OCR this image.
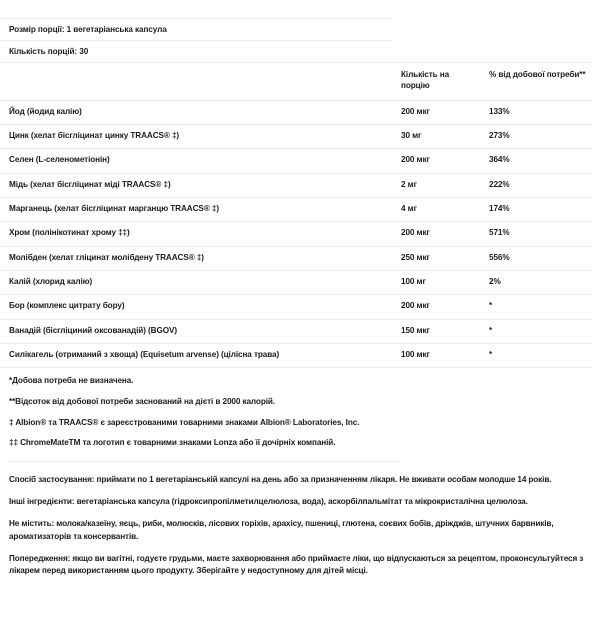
Розмір порції: 1 вегетаріанська капсула
Кількість порцій: 30
	Кількість на порцію	% від добової потреби**
Йод (йодид калію)	200 мкг	133%
Цинк (хелат бісгліцинат цинку TRAACS® ‡)	30 мг	273%
Селен (L-селенометіонін)	200 мкг	364%
Мідь (хелат бісгліцинат міді TRAACS® ‡)	2 мг	222%
Марганець (хелат бісгліцинат марганцю TRAACS® ‡)	4 мг	174%
Хром (полінікотинат хрому ‡‡)	200 мкг	571%
Молібден (хелат гліцинат молібдену TRAACS® ‡)	250 мкг	556%
Калій (хлорид калію)	100 мг	2%
Бор (комплекс цитрату бору)	200 мкг	*
Ванадій (бісгліциний оксованадій) (BGOV)	150 мкг	*
Силікагель (отриманий з хвоща) (Equisetum arvense) (цілісна трава)	100 мкг	*
*Добова потреба не визначена.
**Відсоток від добової потреби заснований на дієті в 2000 калорій.
‡ Albion® та TRAACS® є зареєстрованими товарними знаками Albion® Laboratories, Inc.
‡‡ ChromeMateTM та логотип є товарними знаками Lonza або її дочірніх компаній.

Спосіб застосування: приймати по 1 вегетаріанській капсулі на день або за призначенням лікаря. Не вживати особам молодше 14 років.

Інші інгредієнти: вегетаріанська капсула (гідроксипропілметилцелюлоза, вода), аскорбілпальмітат та мікрокристалічна целюлоза.

Не містить: молока/казеїну, яєць, риби, молюсків, лісових горіхів, арахісу, пшениці, глютена, соєвих бобів, дріжджів, штучних барвників, ароматизаторів та консервантів.

Попередження: якщо ви вагітні, годуєте грудьми, маєте захворювання або приймаєте ліки, що відпускаються за рецептом, проконсультуйтеся з лікарем перед використанням цього продукту. Зберігайте у недоступному для дітей місці.
